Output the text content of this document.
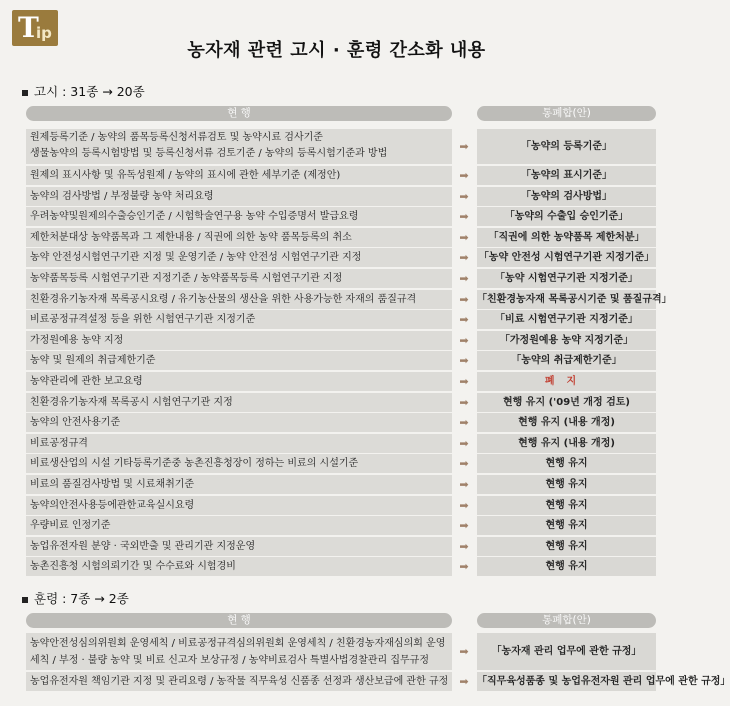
T
ip
농자재 관련 고시 · 훈령 간소화 내용
고시 : 31종 → 20종
현 행	통폐합(안)
원제등록기준 / 농약의 품목등록신청서류검토 및 농약시료 검사기준
생물농약의 등록시험방법 및 등록신청서류 검토기준 / 농약의 등록시험기준과 방법
➡	「농약의 등록기준」
원제의 표시사항 및 유독성원제 / 농약의 표시에 관한 세부기준 (제정안)	➡	「농약의 표시기준」
농약의 검사방법 / 부정불량 농약 처리요령	➡	「농약의 검사방법」
우려농약및원제의수출승인기준 / 시험학술연구용 농약 수입증명서 발급요령	➡	「농약의 수출입 승인기준」
제한처분대상 농약품목과 그 제한내용 / 직권에 의한 농약 품목등록의 취소	➡	「직권에 의한 농약품목 제한처분」
농약 안전성시험연구기관 지정 및 운영기준 / 농약 안전성 시험연구기관 지정	➡ 「농약 안전성 시험연구기관 지정기준」
농약품목등록 시험연구기관 지정기준 / 농약품목등록 시험연구기관 지정	➡	「농약 시험연구기관 지정기준」
친환경유기농자재 목록공시요령 / 유기농산물의 생산을 위한 사용가능한 자재의 품질규격	➡ 「친환경농자재 목록공시기준 및 품질규격」
비료공정규격설정 등을 위한 시험연구기관 지정기준	➡	「비료 시험연구기관 지정기준」
가정원예용 농약 지정	➡	「가정원예용 농약 지정기준」
농약 및 원제의 취급제한기준	➡	「농약의 취급제한기준」
농약관리에 관한 보고요령	➡	폐지
친환경유기농자재 목록공시 시험연구기관 지정	➡	현행 유지 ('09년 개정 검토)
농약의 안전사용기준	➡	현행 유지 (내용 개정)
비료공정규격	➡	현행 유지 (내용 개정)
비료생산업의 시설 기타등록기준중 농촌진흥청장이 정하는 비료의 시설기준	➡	현행 유지
비료의 품질검사방법 및 시료채취기준	➡	현행 유지
농약의안전사용등에관한교육실시요령	➡	현행 유지
우량비료 인정기준	➡	현행 유지
농업유전자원 분양 · 국외반출 및 관리기관 지정운영	➡	현행 유지
농촌진흥청 시험의뢰기간 및 수수료와 시험경비	➡	현행 유지
훈령 : 7종 → 2종
현 행	통폐합(안)
농약안전성심의위원회 운영세칙 / 비료공정규격심의위원회 운영세칙 / 친환경농자재심의회 운영세칙 / 부정 · 불량 농약 및 비료 신고자 보상규정 / 농약비료검사 특별사법경찰관리 집무규정
➡	「농자재 관리 업무에 관한 규정」
농업유전자원 책임기관 지정 및 관리요령 / 농작물 직무육성 신품종 선정과 생산보급에 관한 규정	➡ 「직무육성품종 및 농업유전자원 관리 업무에 관한 규정」
